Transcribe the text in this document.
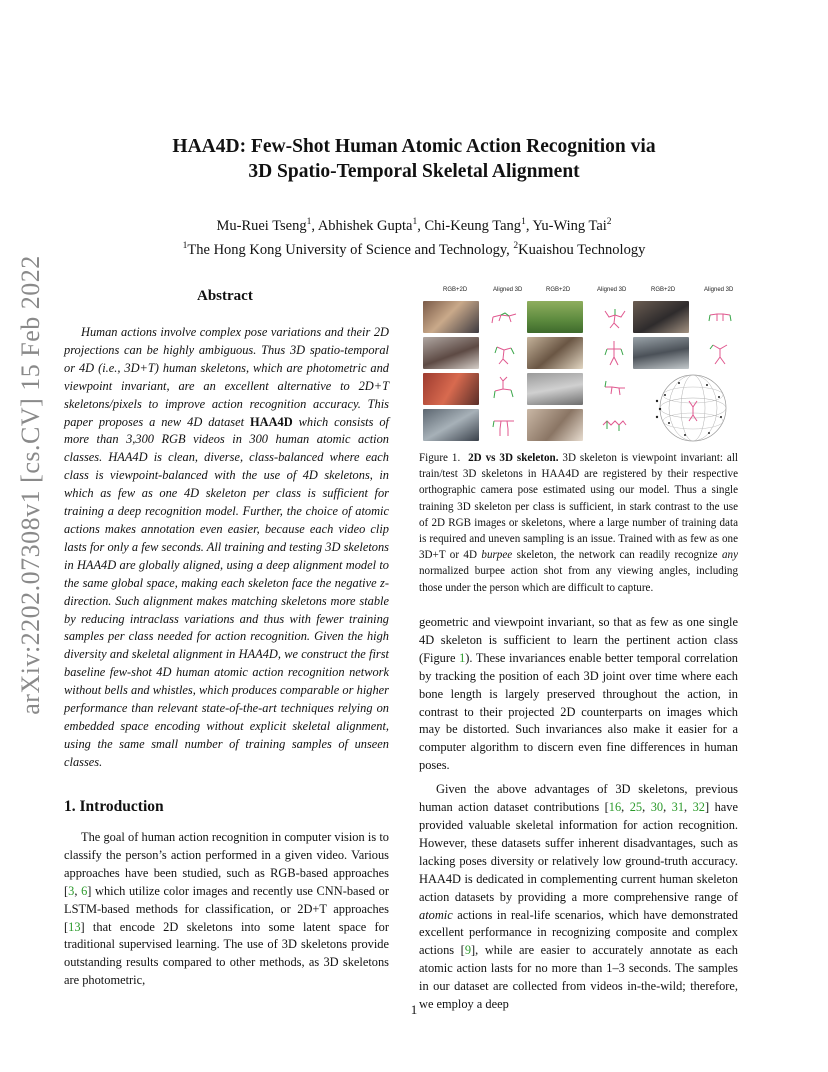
HAA4D: Few-Shot Human Atomic Action Recognition via
3D Spatio-Temporal Skeletal Alignment
Mu-Ruei Tseng$^1$, Abhishek Gupta$^1$, Chi-Keung Tang$^1$, Yu-Wing Tai$^2$
$^1$The Hong Kong University of Science and Technology, $^2$Kuaishou Technology
arXiv:2202.07308v1 [cs.CV] 15 Feb 2022	Abstract

Human actions involve complex pose variations and their 2D projections can be highly ambiguous. Thus 3D spatio-temporal or 4D (i.e., 3D+T) human skeletons, which are photometric and viewpoint invariant, are an excellent alternative to 2D+T skeletons/pixels to improve action recognition accuracy. This paper proposes a new 4D dataset HAA4D which consists of more than 3,300 RGB videos in 300 human atomic action classes. HAA4D is clean, diverse, class-balanced where each class is viewpoint-balanced with the use of 4D skeletons, in which as few as one 4D skeleton per class is sufficient for training a deep recognition model. Further, the choice of atomic actions makes annotation even easier, because each video clip lasts for only a few seconds. All training and testing 3D skeletons in HAA4D are globally aligned, using a deep alignment model to the same global space, making each skeleton face the negative z-direction. Such alignment makes matching skeletons more stable by reducing intraclass variations and thus with fewer training samples per class needed for action recognition. Given the high diversity and skeletal alignment in HAA4D, we construct the first baseline few-shot 4D human atomic action recognition network without bells and whistles, which produces comparable or higher performance than relevant state-of-the-art techniques relying on embedded space encoding without explicit skeletal alignment, using the same small number of training samples of unseen classes.

1. Introduction

The goal of human action recognition in computer vision is to classify the person’s action performed in a given video. Various approaches have been studied, such as RGB-based approaches [3, 6] which utilize color images and recently use CNN-based or LSTM-based methods for classification, or 2D+T approaches [13] that encode 2D skeletons into some latent space for traditional supervised learning. The use of 3D skeletons provide outstanding results compared to other methods, as 3D skeletons are photometric,

RGB+2D	Aligned 3D	RGB+2D	Aligned 3D	RGB+2D	Aligned 3D

Figure 1. 2D vs 3D skeleton. 3D skeleton is viewpoint invariant: all train/test 3D skeletons in HAA4D are registered by their respective orthographic camera pose estimated using our model. Thus a single training 3D skeleton per class is sufficient, in stark contrast to the use of 2D RGB images or skeletons, where a large number of training data is required and uneven sampling is an issue. Trained with as few as one 3D+T or 4D burpee skeleton, the network can readily recognize any normalized burpee action shot from any viewing angles, including those under the person which are difficult to capture.

geometric and viewpoint invariant, so that as few as one single 4D skeleton is sufficient to learn the pertinent action class (Figure 1). These invariances enable better temporal correlation by tracking the position of each 3D joint over time where each bone length is largely preserved throughout the action, in contrast to their projected 2D counterparts on images which may be distorted. Such invariances also make it easier for a computer algorithm to discern even fine differences in human poses.

Given the above advantages of 3D skeletons, previous human action dataset contributions [16, 25, 30, 31, 32] have provided valuable skeletal information for action recognition. However, these datasets suffer inherent disadvantages, such as lacking poses diversity or relatively low ground-truth accuracy. HAA4D is dedicated in complementing current human skeleton action datasets by providing a more comprehensive range of atomic actions in real-life scenarios, which have demonstrated excellent performance in recognizing composite and complex actions [9], while are easier to accurately annotate as each atomic action lasts for no more than 1–3 seconds. The samples in our dataset are collected from videos in-the-wild; therefore, we employ a deep

1
